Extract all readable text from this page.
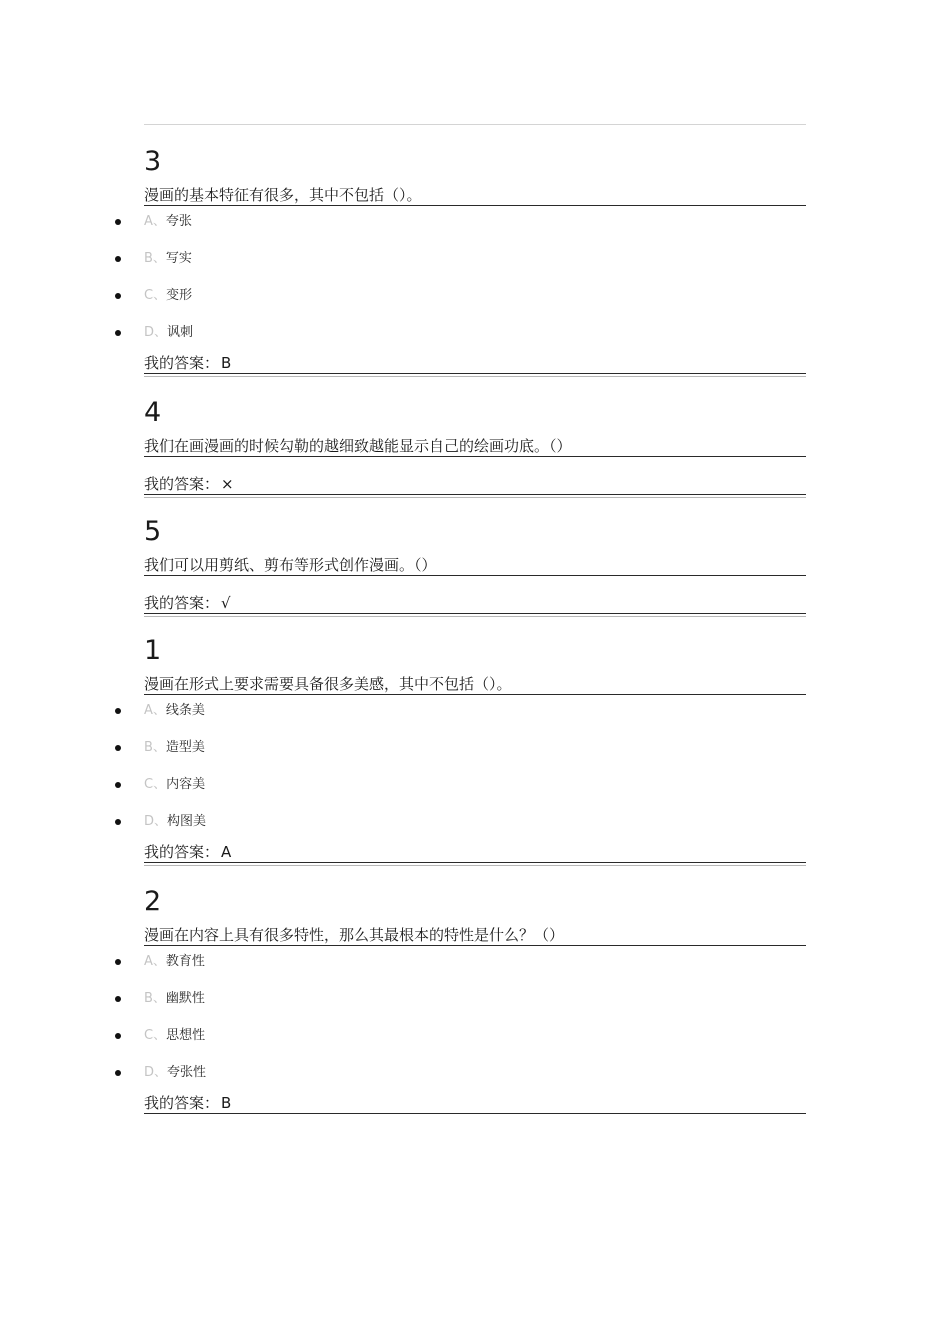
3
漫画的基本特征有很多，其中不包括（）。
A、夸张
B、写实
C、变形
D、讽刺
我的答案： B
4
我们在画漫画的时候勾勒的越细致越能显示自己的绘画功底。（）
我的答案： ×
5
我们可以用剪纸、剪布等形式创作漫画。（）
我的答案： √
1
漫画在形式上要求需要具备很多美感，其中不包括（）。
A、线条美
B、造型美
C、内容美
D、构图美
我的答案： A
2
漫画在内容上具有很多特性，那么其最根本的特性是什么？（）
A、教育性
B、幽默性
C、思想性
D、夸张性
我的答案： B
